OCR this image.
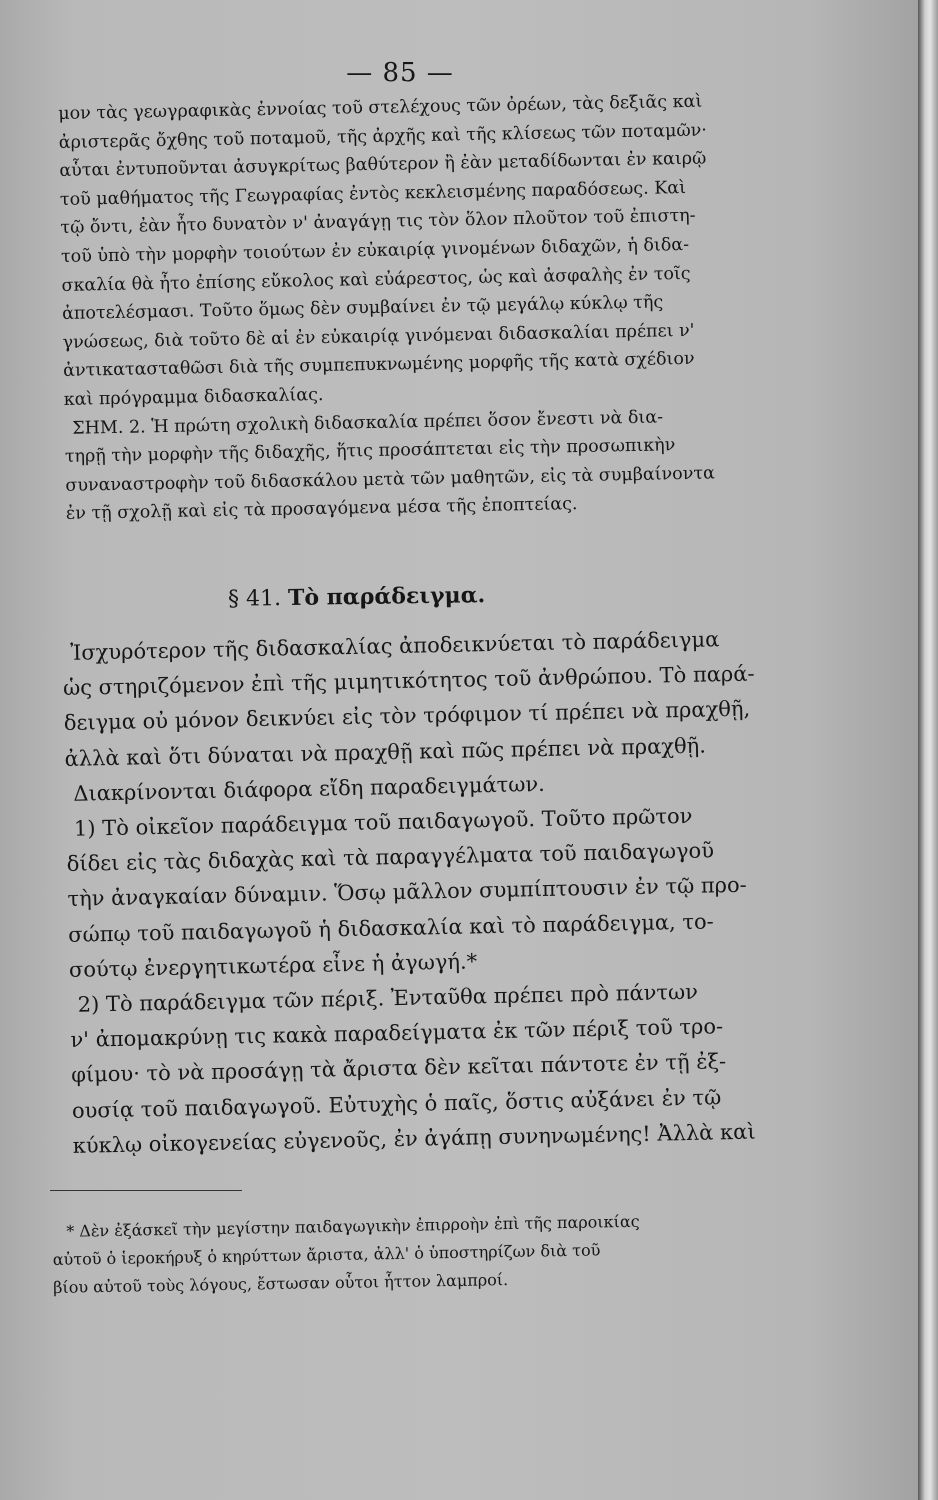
— 85 —
μον τὰς γεωγραφικὰς ἐννοίας τοῦ στελέχους τῶν ὀρέων, τὰς δεξιᾶς καὶ
ἀριστερᾶς ὄχθης τοῦ ποταμοῦ, τῆς ἀρχῆς καὶ τῆς κλίσεως τῶν ποταμῶν·
αὗται ἐντυποῦνται ἀσυγκρίτως βαθύτερον ἢ ἐὰν μεταδίδωνται ἐν καιρῷ
τοῦ μαθήματος τῆς Γεωγραφίας ἐντὸς κεκλεισμένης παραδόσεως. Καὶ
τῷ ὄντι, ἐὰν ἦτο δυνατὸν ν' ἀναγάγῃ τις τὸν ὅλον πλοῦτον τοῦ ἐπιστη-
τοῦ ὑπὸ τὴν μορφὴν τοιούτων ἐν εὐκαιρίᾳ γινομένων διδαχῶν, ἡ διδα-
σκαλία θὰ ἦτο ἐπίσης εὔκολος καὶ εὐάρεστος, ὡς καὶ ἀσφαλὴς ἐν τοῖς
ἀποτελέσμασι. Τοῦτο ὅμως δὲν συμβαίνει ἐν τῷ μεγάλῳ κύκλῳ τῆς
γνώσεως, διὰ τοῦτο δὲ αἱ ἐν εὐκαιρίᾳ γινόμεναι διδασκαλίαι πρέπει ν'
ἀντικατασταθῶσι διὰ τῆς συμπεπυκνωμένης μορφῆς τῆς κατὰ σχέδιον
καὶ πρόγραμμα διδασκαλίας.
ΣΗΜ. 2. Ἡ πρώτη σχολικὴ διδασκαλία πρέπει ὅσον ἔνεστι νὰ δια-
τηρῇ τὴν μορφὴν τῆς διδαχῆς, ἥτις προσάπτεται εἰς τὴν προσωπικὴν
συναναστροφὴν τοῦ διδασκάλου μετὰ τῶν μαθητῶν, εἰς τὰ συμβαίνοντα
ἐν τῇ σχολῇ καὶ εἰς τὰ προσαγόμενα μέσα τῆς ἐποπτείας.
§ 41. Τὸ παράδειγμα.
Ἰσχυρότερον τῆς διδασκαλίας ἀποδεικνύεται τὸ παράδειγμα
ὡς στηριζόμενον ἐπὶ τῆς μιμητικότητος τοῦ ἀνθρώπου. Τὸ παρά-
δειγμα οὐ μόνον δεικνύει εἰς τὸν τρόφιμον τί πρέπει νὰ πραχθῇ,
ἀλλὰ καὶ ὅτι δύναται νὰ πραχθῇ καὶ πῶς πρέπει νὰ πραχθῇ.
Διακρίνονται διάφορα εἴδη παραδειγμάτων.
1) Τὸ οἰκεῖον παράδειγμα τοῦ παιδαγωγοῦ. Τοῦτο πρῶτον
δίδει εἰς τὰς διδαχὰς καὶ τὰ παραγγέλματα τοῦ παιδαγωγοῦ
τὴν ἀναγκαίαν δύναμιν. Ὅσῳ μᾶλλον συμπίπτουσιν ἐν τῷ προ-
σώπῳ τοῦ παιδαγωγοῦ ἡ διδασκαλία καὶ τὸ παράδειγμα, το-
σούτῳ ἐνεργητικωτέρα εἶνε ἡ ἀγωγή.*
2) Τὸ παράδειγμα τῶν πέριξ. Ἐνταῦθα πρέπει πρὸ πάντων
ν' ἀπομακρύνῃ τις κακὰ παραδείγματα ἐκ τῶν πέριξ τοῦ τρο-
φίμου· τὸ νὰ προσάγῃ τὰ ἄριστα δὲν κεῖται πάντοτε ἐν τῇ ἐξ-
ουσίᾳ τοῦ παιδαγωγοῦ. Εὐτυχὴς ὁ παῖς, ὅστις αὐξάνει ἐν τῷ
κύκλῳ οἰκογενείας εὐγενοῦς, ἐν ἀγάπῃ συνηνωμένης! Ἀλλὰ καὶ
* Δὲν ἐξάσκεῖ τὴν μεγίστην παιδαγωγικὴν ἐπιρροὴν ἐπὶ τῆς παροικίας
αὐτοῦ ὁ ἱεροκήρυξ ὁ κηρύττων ἄριστα, ἀλλ' ὁ ὑποστηρίζων διὰ τοῦ
βίου αὐτοῦ τοὺς λόγους, ἔστωσαν οὗτοι ἧττον λαμπροί.
